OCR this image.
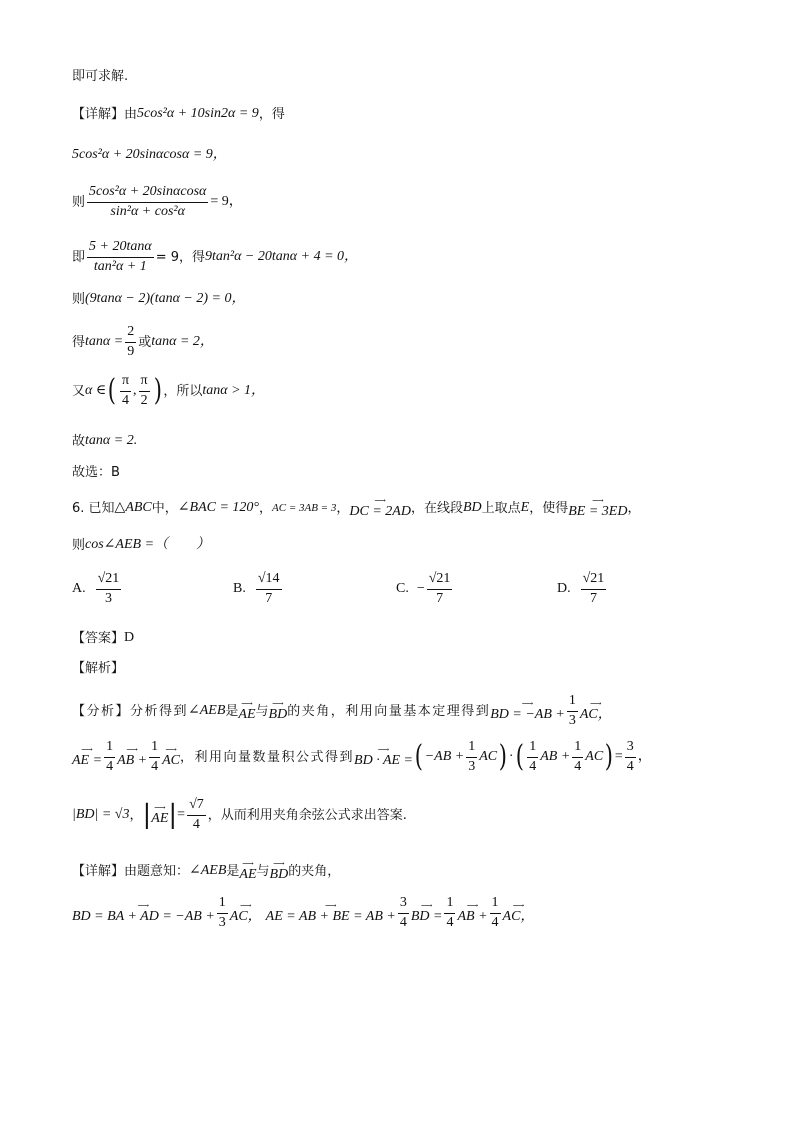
即可求解.
【详解】由 5cos²α + 10sin2α = 9 ，得
5cos²α + 20sinαcosα = 9，
则 $\frac{\text{5cos²α + 20sinαcosα}}{\text{sin²α + cos²α}} = 9$，
即 $\frac{5 + 20\tan\alpha}{\text{tan²α + 1}} = 9$，得 9tan²α − 20tanα + 4 = 0，
则 (9tanα − 2)(tanα − 2) = 0，
得 $\tan\alpha = \frac{2}{9}$ 或 tanα = 2，
又 α ∈ ( $\frac{\pi}{4}$ , $\frac{\pi}{2}$ ) ，所以 tanα > 1，
故 tanα = 2.
故选：B
6. 已知 △ABC 中， ∠BAC = 120° ， AC = 3AB = 3 ，	⟶
DC = 2AD ，在线段 BD 上取点 E ，使得	⟶
BE = 3ED ，
则 cos∠AEB =（　　）
A. $\frac{√21}{3}$	B. $\frac{√14}{7}$	C. − $\frac{√21}{7}$	D. $\frac{√21}{7}$
【答案】 D
【解析】
【分析】分析得到 ∠AEB 是 ⟶
AE 与 ⟶
BD 的夹角，利用向量基本定理得到	⟶
BD = $-AB + \frac{1}{3}$ ⟶
AC，
⟶
AE = $\frac{1}{4}$ ⟶
AB + $\frac{1}{4}$ ⟶
AC ，利用向量数量积公式得到	⟶
BD · AE = ( $-AB + \frac{1}{3}$ AC ) · ( $\frac{1}{4}$ AB + $\frac{1}{4}$ AC ) = $\frac{3}{4}$ ，
|BD| = √3 ， | ⟶
AE | = $\frac{√7}{4}$ ，从而利用夹角余弦公式求出答案.
【详解】由题意知： ∠AEB 是 ⟶
AE 与 ⟶
BD 的夹角，
⟶
BD = BA + AD = $-AB + \frac{1}{3}$ ⟶
AC，
⟶
AE = AB + BE = AB + $\frac{3}{4}$ ⟶
BD = $\frac{1}{4}$ ⟶
AB + $\frac{1}{4}$ ⟶
AC，
